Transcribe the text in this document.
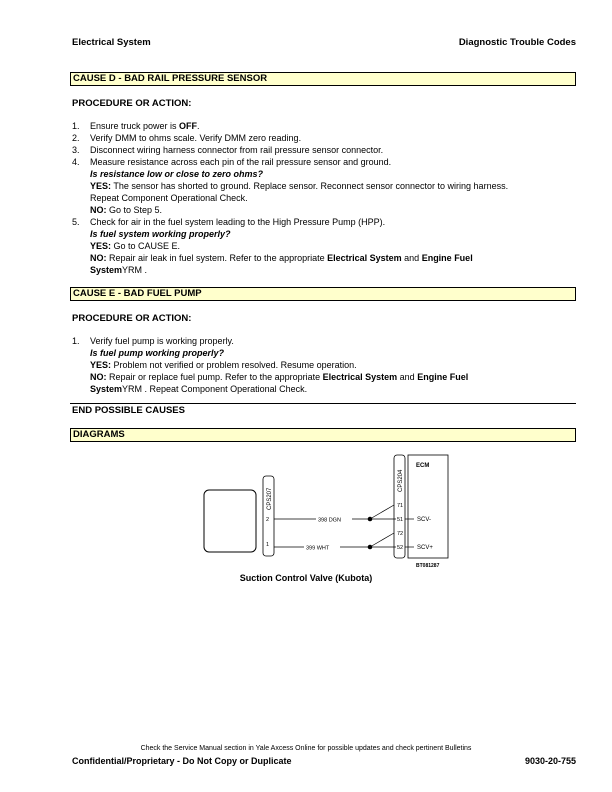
Electrical System	Diagnostic Trouble Codes
CAUSE D - BAD RAIL PRESSURE SENSOR
PROCEDURE OR ACTION:
1.	Ensure truck power is OFF.
2.	Verify DMM to ohms scale. Verify DMM zero reading.
3.	Disconnect wiring harness connector from rail pressure sensor connector.
4.	Measure resistance across each pin of the rail pressure sensor and ground.
Is resistance low or close to zero ohms?
YES: The sensor has shorted to ground. Replace sensor. Reconnect sensor connector to wiring harness.
Repeat Component Operational Check.
NO: Go to Step 5.
5.	Check for air in the fuel system leading to the High Pressure Pump (HPP).
Is fuel system working properly?
YES: Go to CAUSE E.
NO: Repair air leak in fuel system. Refer to the appropriate Electrical System and Engine Fuel
SystemYRM .
CAUSE E - BAD FUEL PUMP
PROCEDURE OR ACTION:
1.	Verify fuel pump is working properly.
Is fuel pump working properly?
YES: Problem not verified or problem resolved. Resume operation.
NO: Repair or replace fuel pump. Refer to the appropriate Electrical System and Engine Fuel
SystemYRM . Repeat Component Operational Check.
END POSSIBLE CAUSES
DIAGRAMS
CPS207
2
1
398 DGN
399 WHT
CPS204
71
51
72
52
ECM
SCV-
SCV+
BT081287
Suction Control Valve (Kubota)
Check the Service Manual section in Yale Axcess Online for possible updates and check pertinent Bulletins
Confidential/Proprietary - Do Not Copy or Duplicate	9030-20-755
